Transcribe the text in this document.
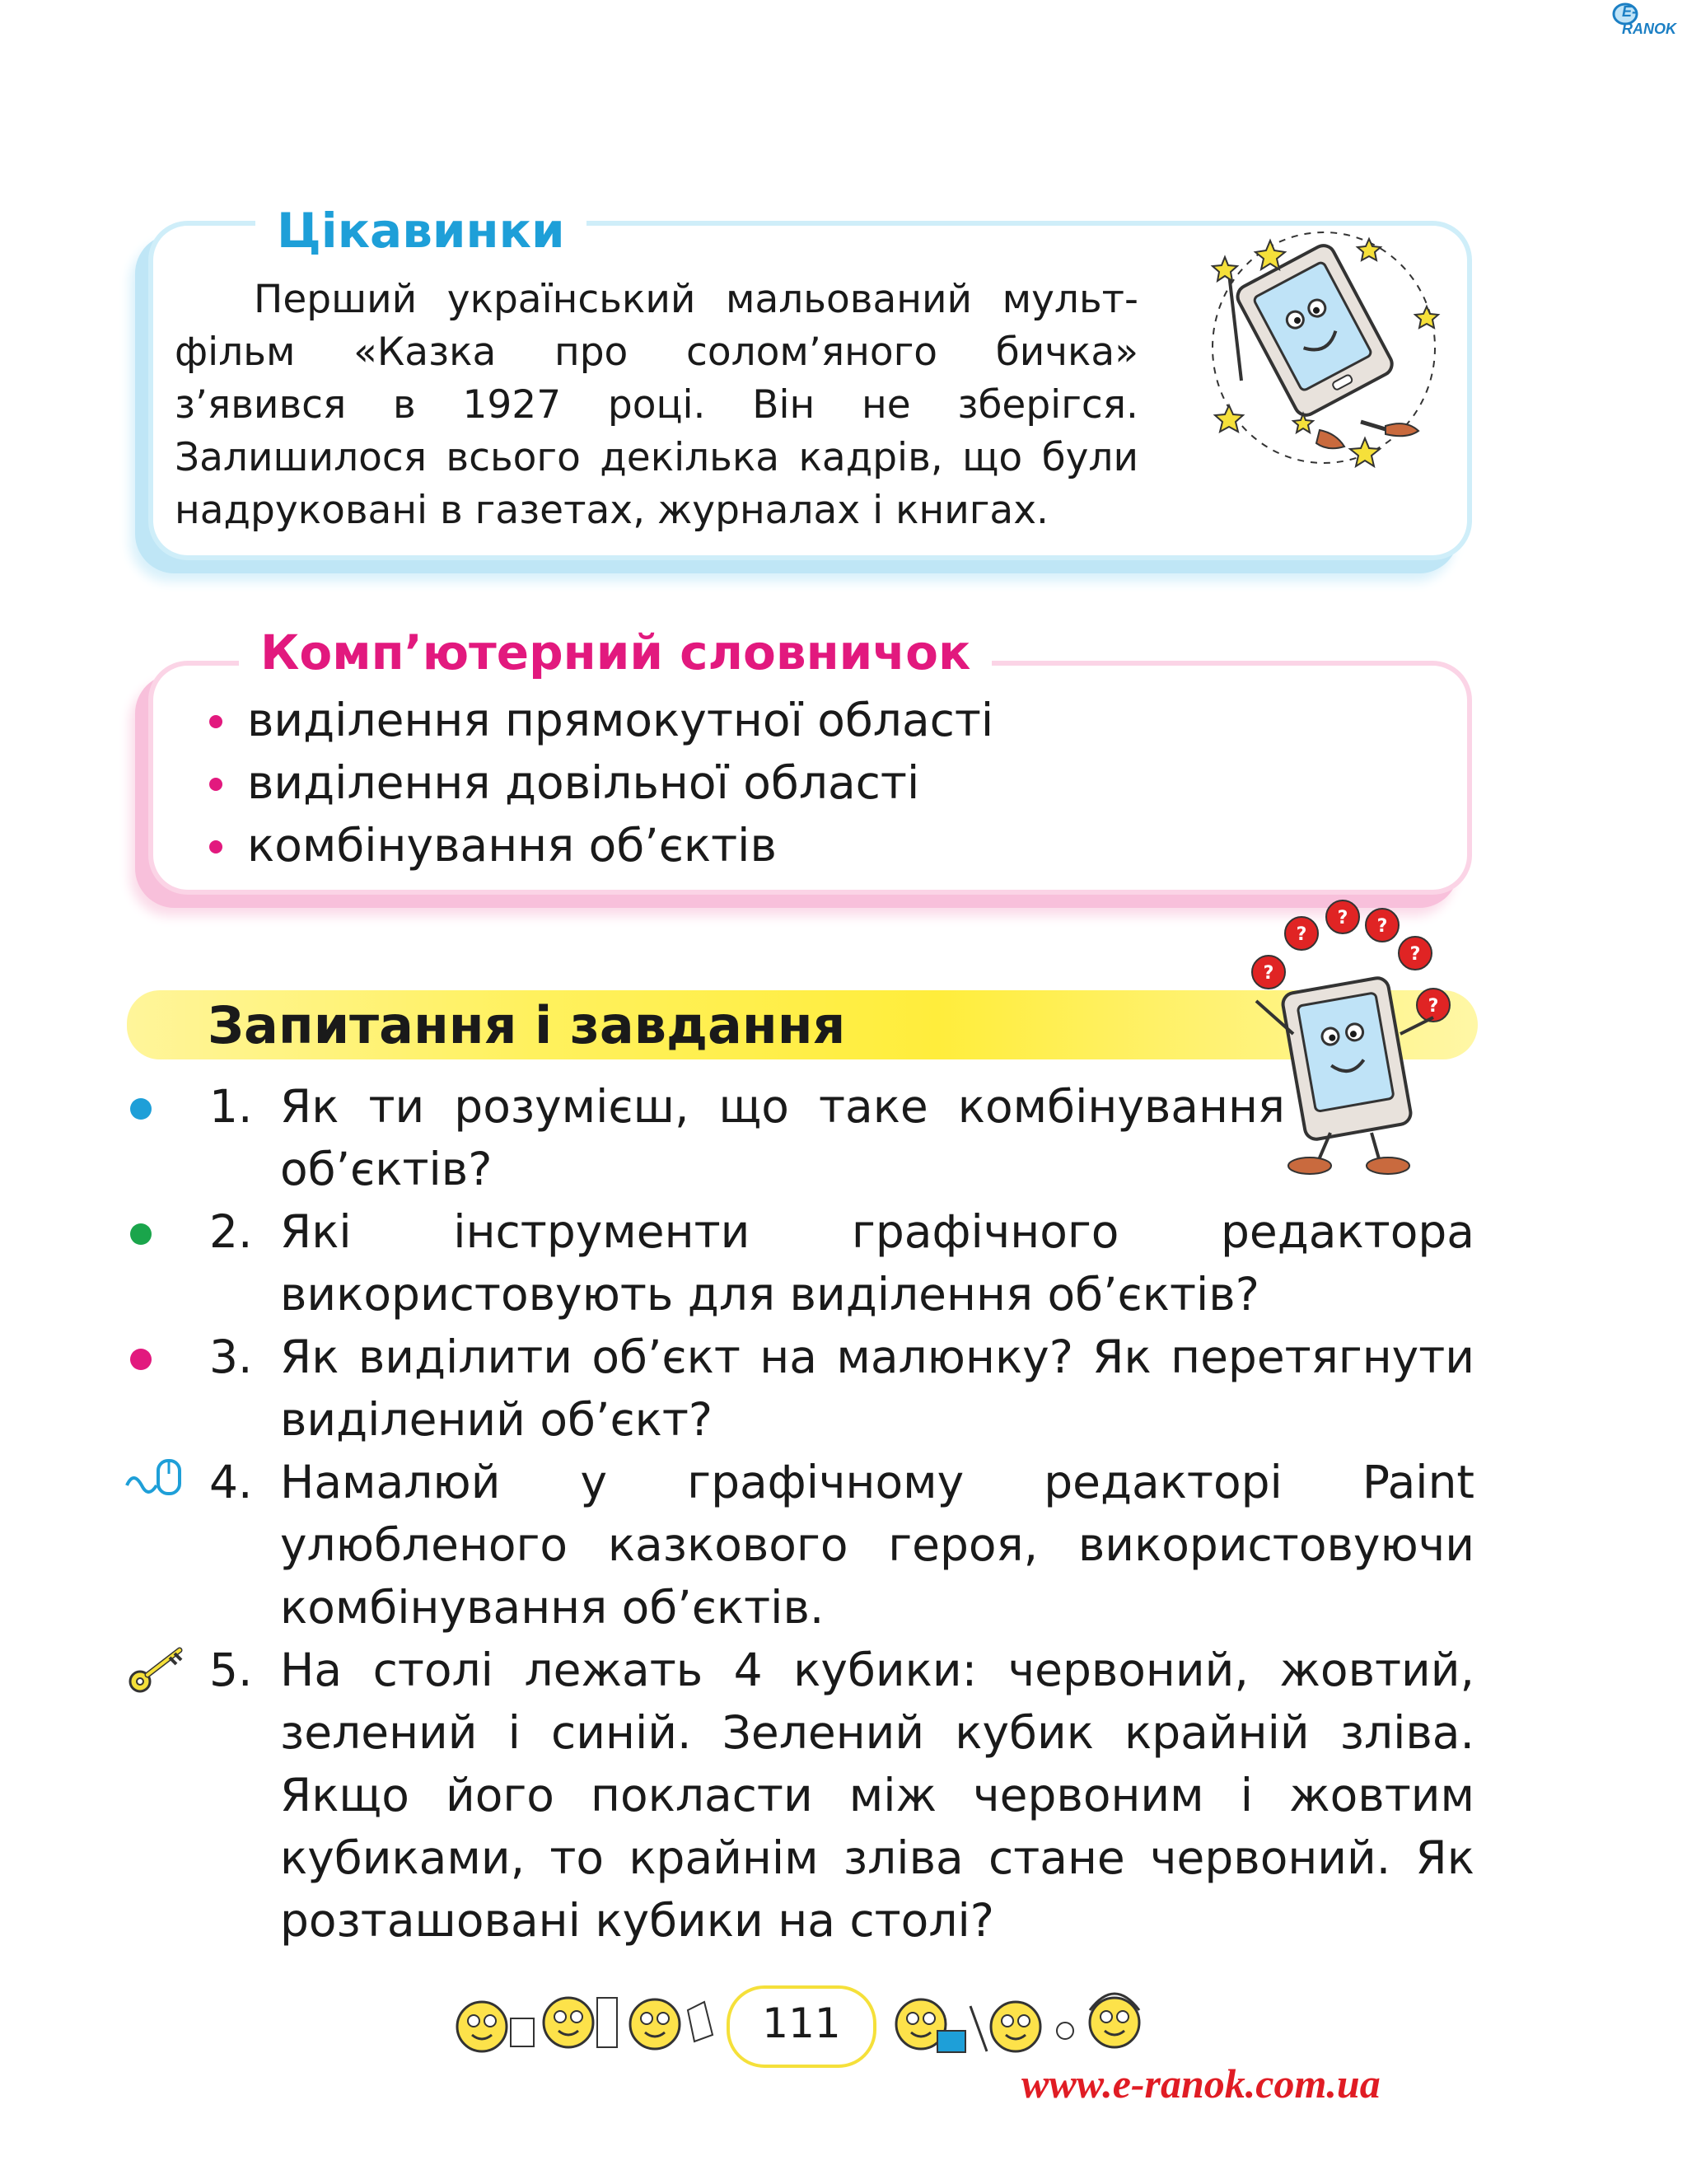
E-RANOK
Цікавинки

Перший український мальований мульт-фільм «Казка про солом’яного бичка» з’явився в 1927 році. Він не зберігся. Залишилося всього декілька кадрів, що були надруковані в газетах, журналах і книгах.

Комп’ютерний словничок
виділення прямокутної області
виділення довільної області
комбінування об’єктів
Запитання і завдання
?
?
? ?
?
?
1. Як ти розумієш, що таке комбінування об’єктів?
2. Які інструменти графічного редактора використовують для виділення об’єктів?
3. Як виділити об’єкт на малюнку? Як перетягнути виділений об’єкт?
4. Намалюй у графічному редакторі Paint улюбленого казкового героя, використовуючи комбінування об’єктів.
5. На столі лежать 4 кубики: червоний, жовтий, зелений і синій. Зелений кубик крайній зліва. Якщо його покласти між червоним і жовтим кубиками, то крайнім зліва стане червоний. Як розташовані кубики на столі?
111
www.e-ranok.com.ua
